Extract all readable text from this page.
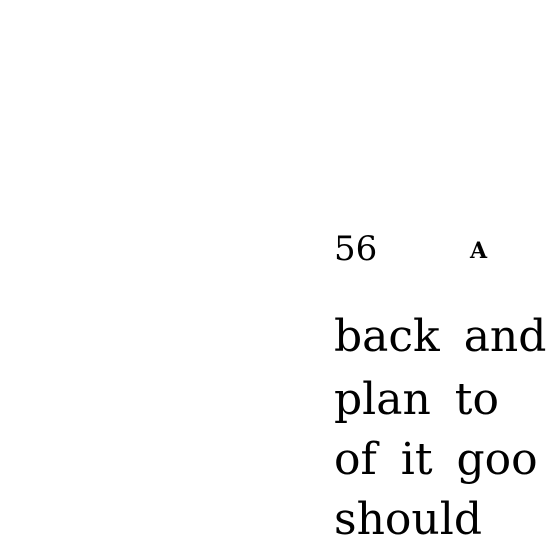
56	A
back and
plan to
of it goo
should
